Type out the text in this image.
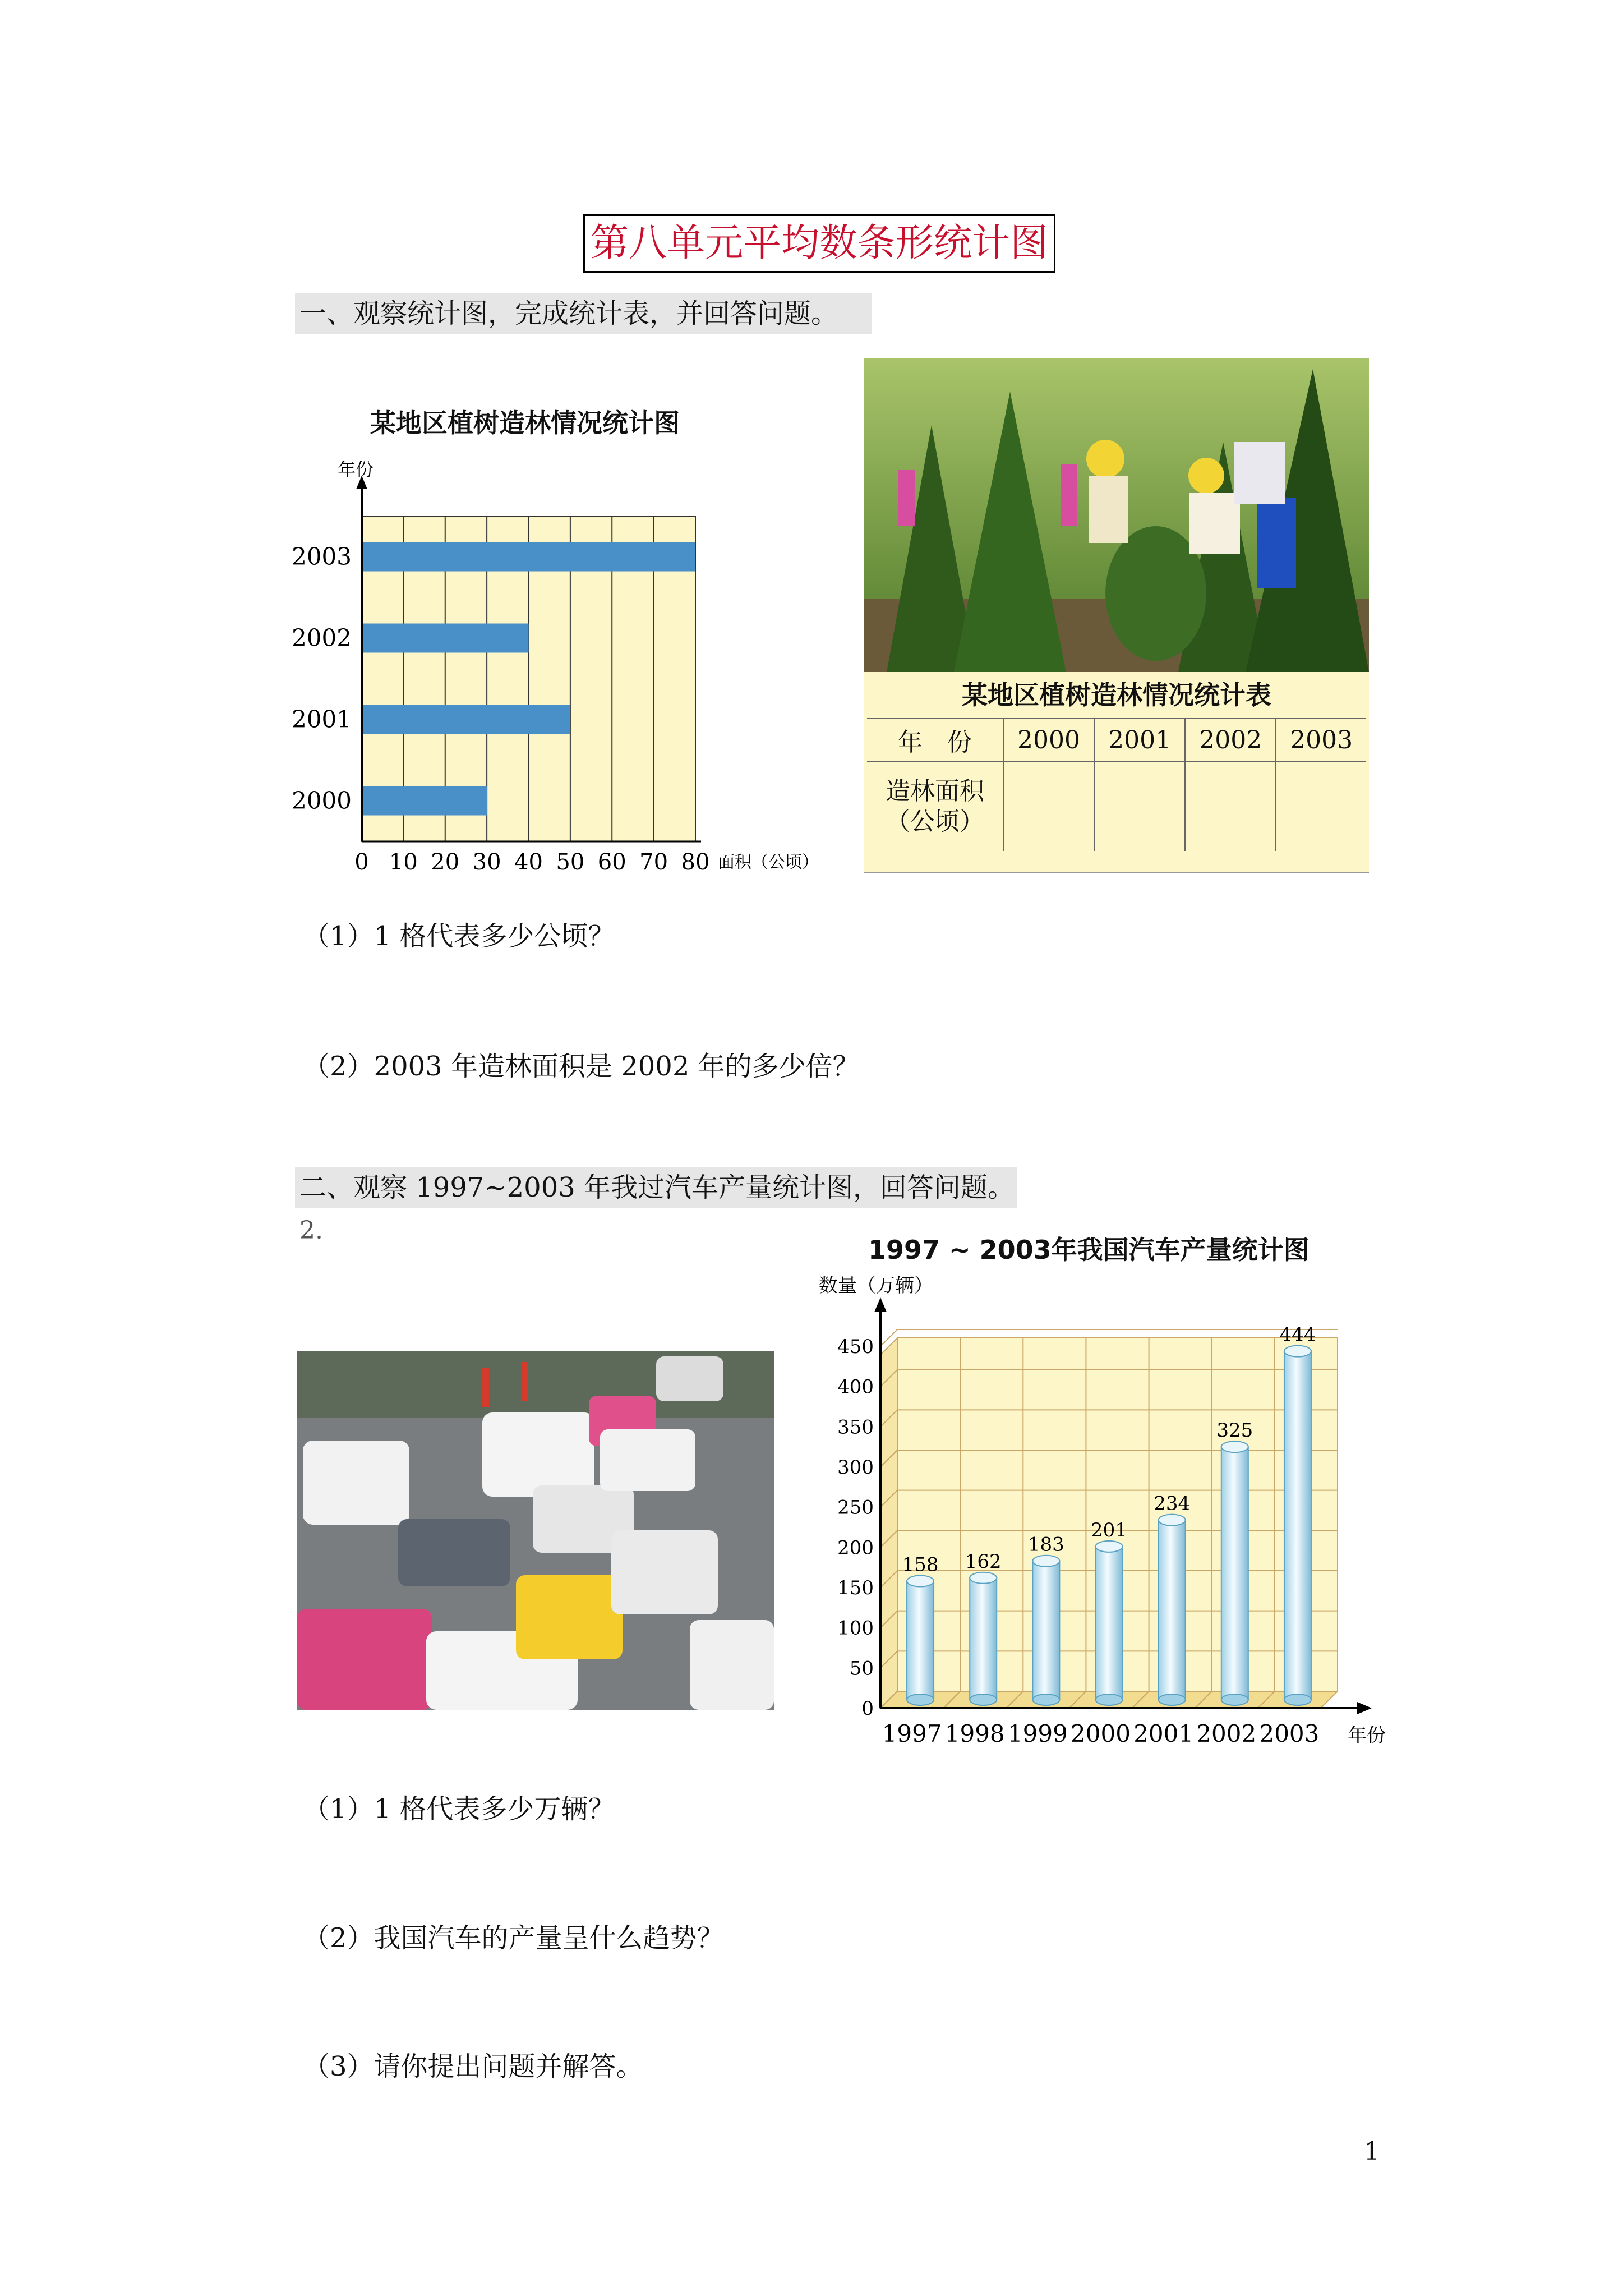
第八单元平均数条形统计图
一、观察统计图，完成统计表，并回答问题。
某地区植树造林情况统计图
2000
2001
2002
2003
0 10 20 30 40 50 60 70 80
年份
面积（公顷）
某地区植树造林情况统计表
年　份	2000	2001	2002	2003

造林面积
（公顷）				

（1）1 格代表多少公顷？
（2）2003 年造林面积是 2002 年的多少倍？
二、观察 1997~2003 年我过汽车产量统计图，回答问题。
2.
1997 ~ 2003年我国汽车产量统计图
0
50
100
150
200
250
300
350
400
450
1997 1998 1999 2000 2001 2002 2003
158 162
183
201
234
325
444
数量（万辆）
年份
（1）1 格代表多少万辆？
（2）我国汽车的产量呈什么趋势？
（3）请你提出问题并解答。
1
